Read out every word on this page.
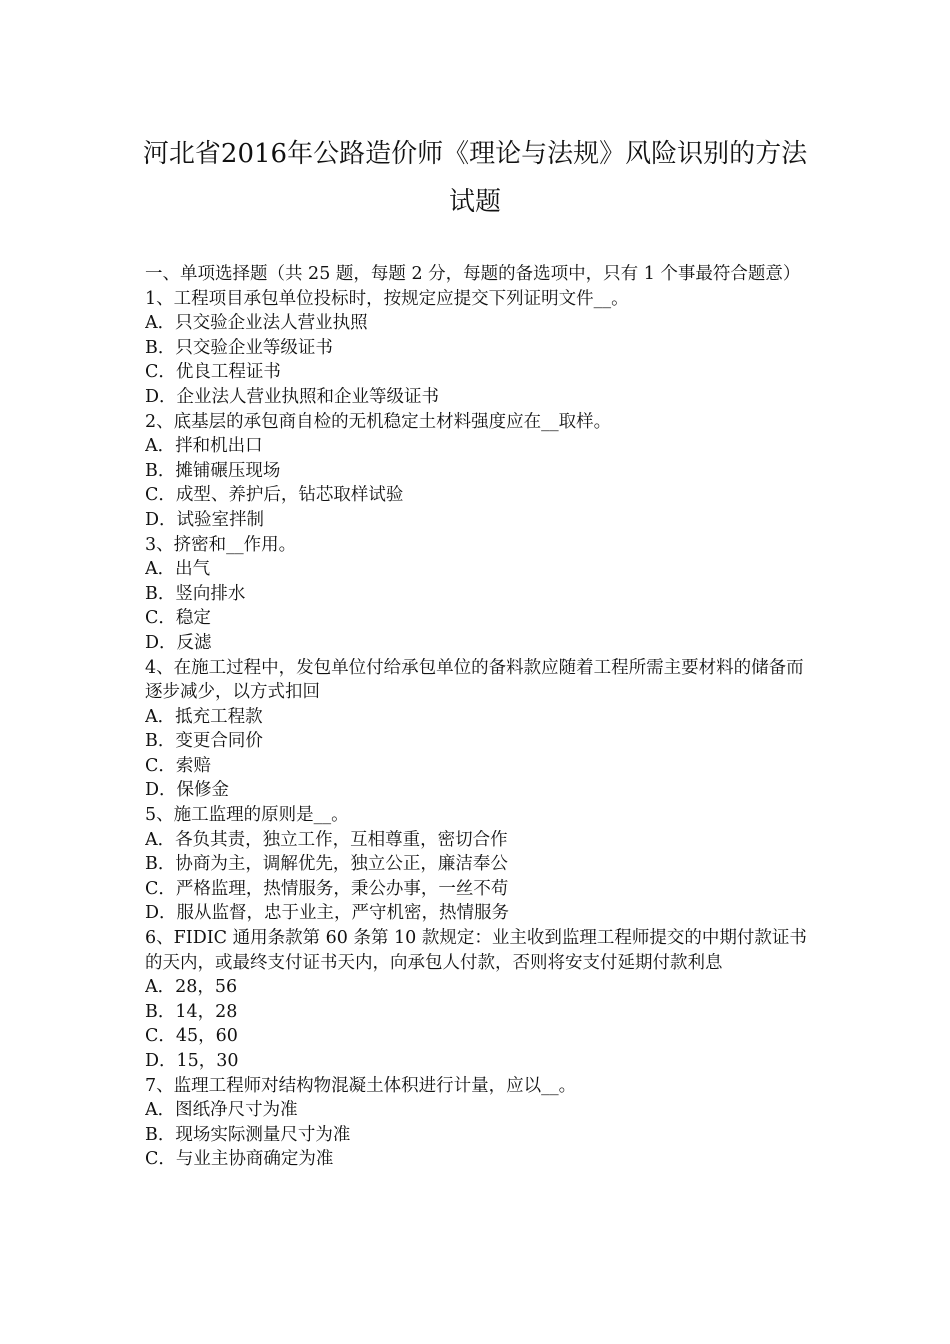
河北省2016年公路造价师《理论与法规》风险识别的方法
试题
一、单项选择题（共 25 题，每题 2 分，每题的备选项中，只有 1 个事最符合题意）
1、工程项目承包单位投标时，按规定应提交下列证明文件__。
A．只交验企业法人营业执照
B．只交验企业等级证书
C．优良工程证书
D．企业法人营业执照和企业等级证书
2、底基层的承包商自检的无机稳定土材料强度应在__取样。
A．拌和机出口
B．摊铺碾压现场
C．成型、养护后，钻芯取样试验
D．试验室拌制
3、挤密和__作用。
A．出气
B．竖向排水
C．稳定
D．反滤
4、在施工过程中，发包单位付给承包单位的备料款应随着工程所需主要材料的储备而逐步减少，以方式扣回
A．抵充工程款
B．变更合同价
C．索赔
D．保修金
5、施工监理的原则是__。
A．各负其责，独立工作，互相尊重，密切合作
B．协商为主，调解优先，独立公正，廉洁奉公
C．严格监理，热情服务，秉公办事，一丝不苟
D．服从监督，忠于业主，严守机密，热情服务
6、FIDIC 通用条款第 60 条第 10 款规定：业主收到监理工程师提交的中期付款证书的天内，或最终支付证书天内，向承包人付款，否则将安支付延期付款利息
A．28，56
B．14，28
C．45，60
D．15，30
7、监理工程师对结构物混凝土体积进行计量，应以__。
A．图纸净尺寸为准
B．现场实际测量尺寸为准
C．与业主协商确定为准
